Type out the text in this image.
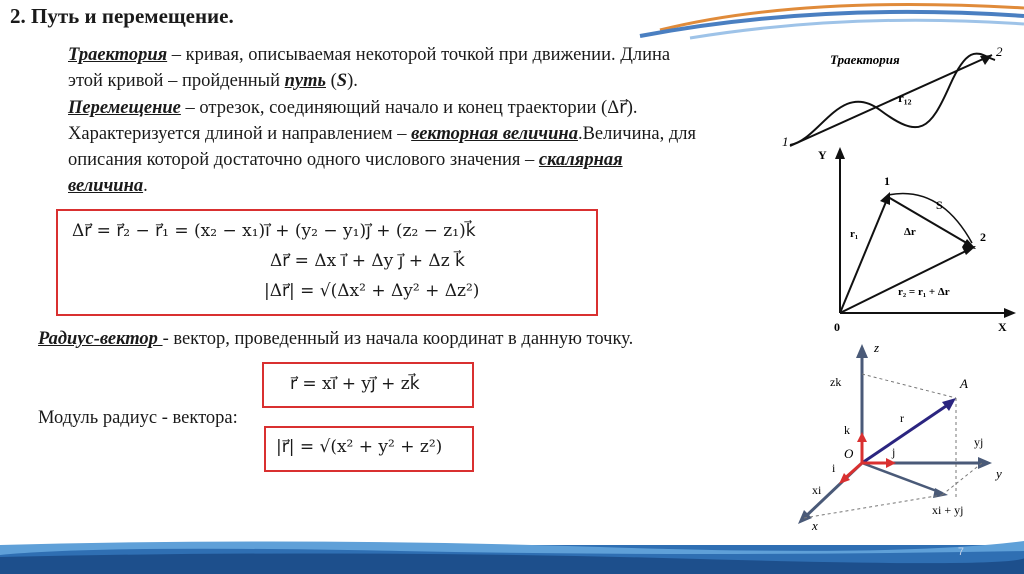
2. Путь и перемещение.
Траектория – кривая, описываемая некоторой точкой при движении. Длина этой кривой – пройденный путь (S).
Перемещение – отрезок, соединяющий начало и конец траектории (Δr⃗). Характеризуется длиной и направлением – векторная величина.Величина, для описания которой достаточно одного числового значения – скалярная величина.
Δr⃗ = r⃗₂ − r⃗₁ = (x₂ − x₁)i⃗ + (y₂ − y₁)j⃗ + (z₂ − z₁)k⃗
Δr⃗ = Δx i⃗ + Δy j⃗ + Δz k⃗
|Δr⃗| = √(Δx² + Δy² + Δz²)
Радиус-вектор - вектор, проведенный из начала координат в данную точку.
r⃗ = xi⃗ + yj⃗ + zk⃗
Модуль радиус - вектора:
|r⃗| = √(x² + y² + z²)
1
2
Траектория
r₁₂
Y
X
0
1
2
S
r₁	Δr
r₂ = r₁ + Δr
z
x
y
O
A
zk
k
i
j
r
xi
yj
xi + yj
7
